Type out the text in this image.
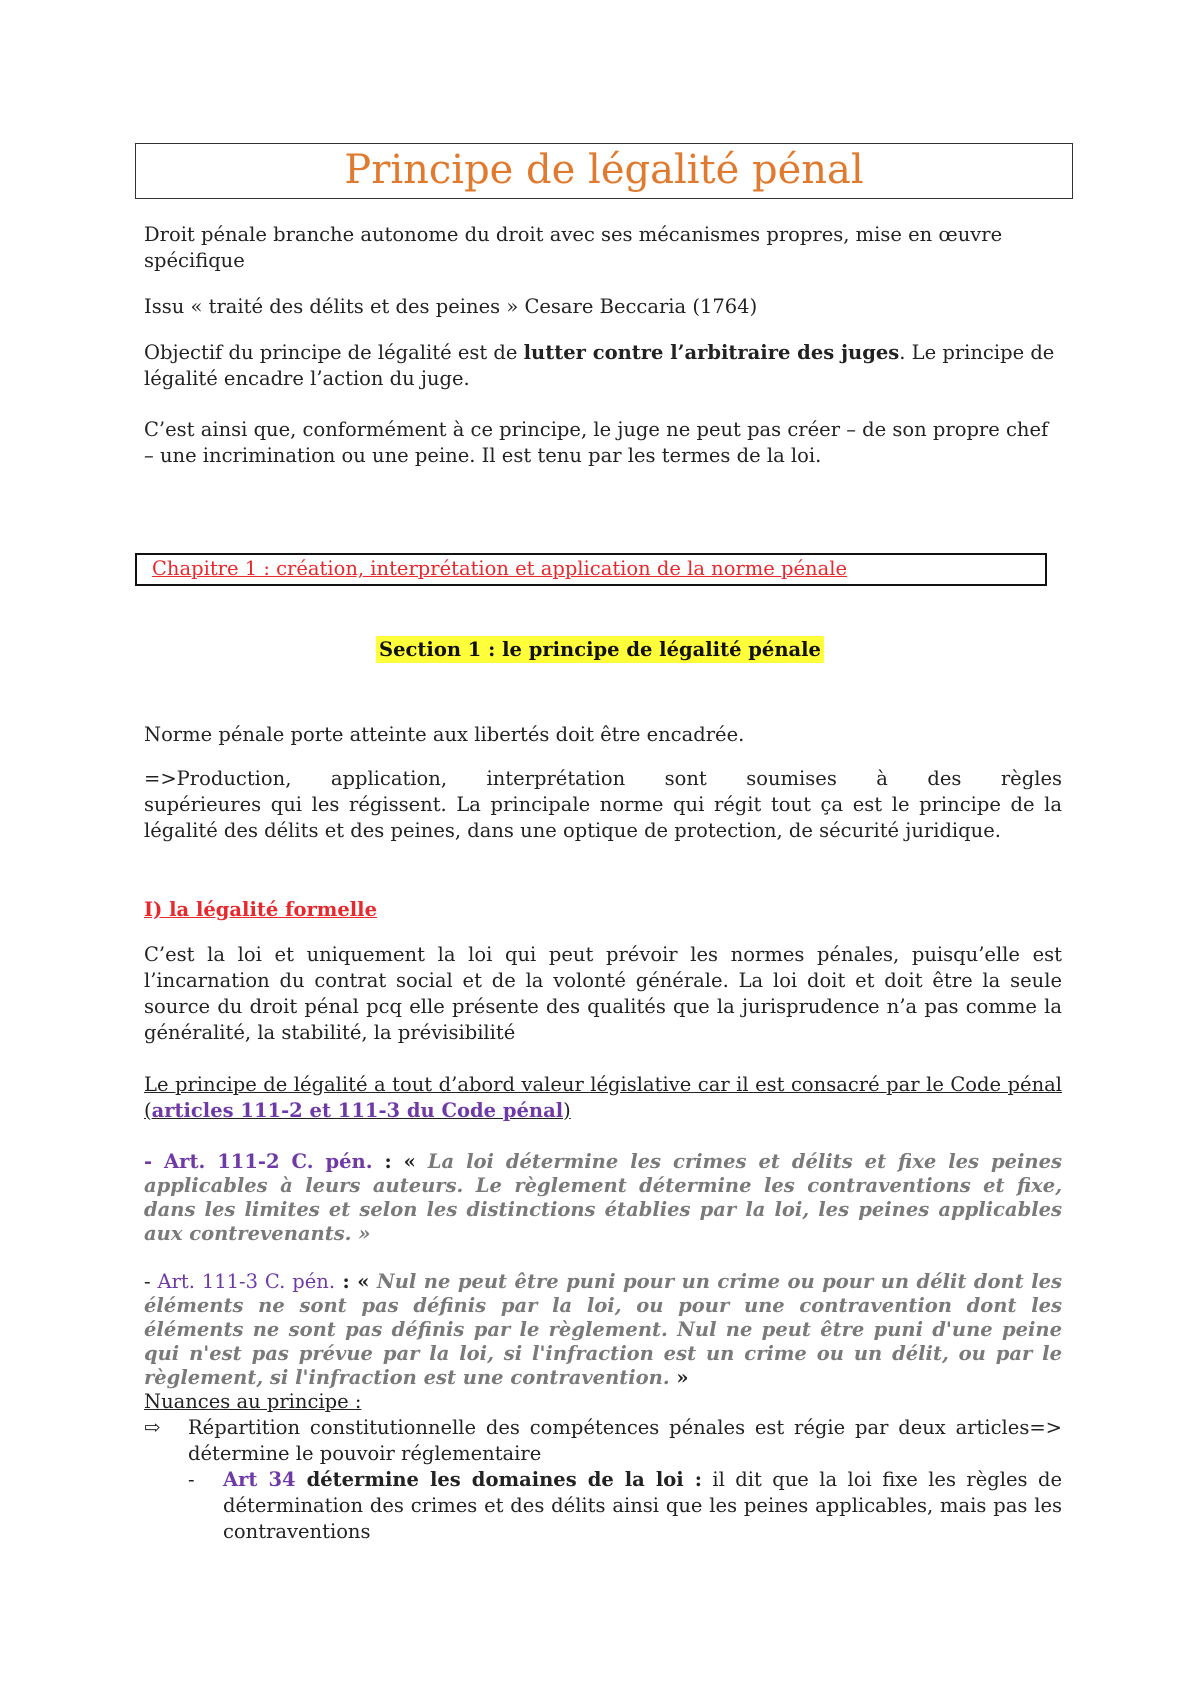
Principe de légalité pénal

Droit pénale branche autonome du droit avec ses mécanismes propres, mise en œuvre spécifique

Issu « traité des délits et des peines » Cesare Beccaria (1764)

Objectif du principe de légalité est de lutter contre l’arbitraire des juges. Le principe de légalité encadre l’action du juge.

C’est ainsi que, conformément à ce principe, le juge ne peut pas créer – de son propre chef – une incrimination ou une peine. Il est tenu par les termes de la loi.

Chapitre 1 : création, interprétation et application de la norme pénale
Section 1 : le principe de légalité pénale

Norme pénale porte atteinte aux libertés doit être encadrée.

=>Production, application, interprétation sont soumises à des règles

supérieures qui les régissent. La principale norme qui régit tout ça est le principe de la légalité des délits et des peines, dans une optique de protection, de sécurité juridique.

I) la légalité formelle

C’est la loi et uniquement la loi qui peut prévoir les normes pénales, puisqu’elle est l’incarnation du contrat social et de la volonté générale. La loi doit et doit être la seule source du droit pénal pcq elle présente des qualités que la jurisprudence n’a pas comme la généralité, la stabilité, la prévisibilité

Le principe de légalité a tout d’abord valeur législative car il est consacré par le Code pénal (articles 111-2 et 111-3 du Code pénal)

- Art. 111-2 C. pén. : « La loi détermine les crimes et délits et fixe les peines applicables à leurs auteurs. Le règlement détermine les contraventions et fixe, dans les limites et selon les distinctions établies par la loi, les peines applicables aux contrevenants. »

- Art. 111-3 C. pén. : « Nul ne peut être puni pour un crime ou pour un délit dont les éléments ne sont pas définis par la loi, ou pour une contravention dont les éléments ne sont pas définis par le règlement. Nul ne peut être puni d'une peine qui n'est pas prévue par la loi, si l'infraction est un crime ou un délit, ou par le règlement, si l'infraction est une contravention. »

Nuances au principe :

⇨ Répartition constitutionnelle des compétences pénales est régie par deux articles=> détermine le pouvoir réglementaire
- Art 34 détermine les domaines de la loi : il dit que la loi fixe les règles de détermination des crimes et des délits ainsi que les peines applicables, mais pas les contraventions
